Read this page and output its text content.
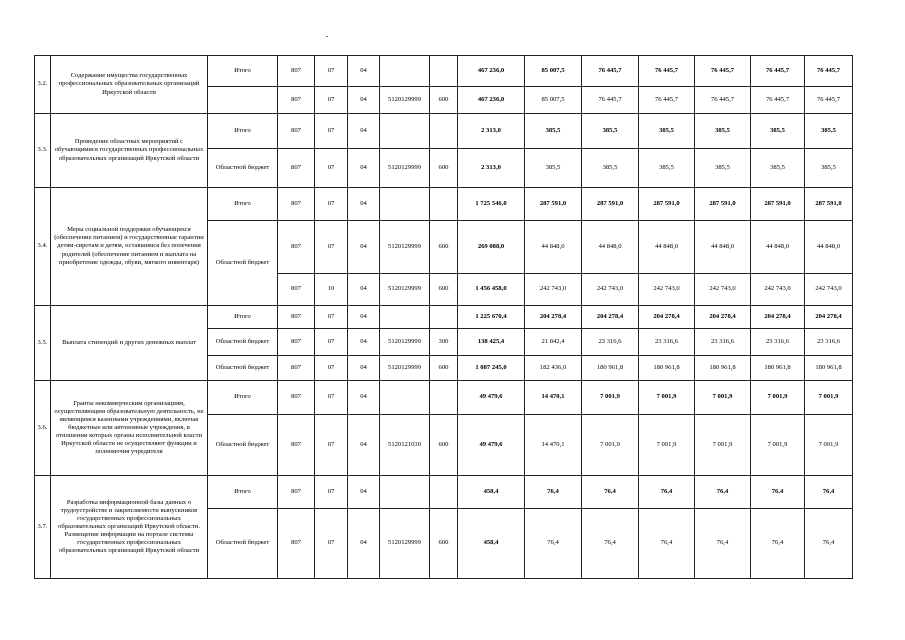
3.2.	Содержание имущества государственных профессиональных образовательных организаций Иркутской области	Итого	807	07	04			467 236,0	85 007,5	76 445,7	76 445,7	76 445,7	76 445,7	76 445,7
			807	07	04	5120129999	600	467 236,0	85 007,5	76 445,7	76 445,7	76 445,7	76 445,7	76 445,7
3.3.	Проведение областных мероприятий с обучающимися государственных профессиональных образовательных организаций Иркутской области	Итого	807	07	04			2 313,0	385,5	385,5	385,5	385,5	385,5	385,5
		Областной бюджет	807	07	04	5120129999	600	2 313,0	385,5	385,5	385,5	385,5	385,5	385,5
3.4.	Меры социальной поддержки обучающихся (обеспечение питанием) и государственные гарантии детям-сиротам и детям, оставшимся без попечения родителей (обеспечение питанием и выплата на приобретение одежды, обуви, мягкого инвентаря)	Итого	807	07	04			1 725 546,0	287 591,0	287 591,0	287 591,0	287 591,0	287 591,0	287 591,0
		Областной бюджет	807	07	04	5120129999	600	269 088,0	44 848,0	44 848,0	44 848,0	44 848,0	44 848,0	44 848,0
			807	10	04	5120129999	600	1 456 458,0	242 743,0	242 743,0	242 743,0	242 743,0	242 743,0	242 743,0
3.5.	Выплата стипендий и других денежных выплат	Итого	807	07	04			1 225 670,4	204 278,4	204 278,4	204 278,4	204 278,4	204 278,4	204 278,4
		Областной бюджет	807	07	04	5120129999	300	138 425,4	21 842,4	23 316,6	23 316,6	23 316,6	23 316,6	23 316,6
		Областной бюджет	807	07	04	5120129999	600	1 087 245,0	182 436,0	180 961,8	180 961,8	180 961,8	180 961,8	180 961,8
3.6.	Гранты некоммерческим организациям, осуществляющим образовательную деятельность, не являющимся казенными учреждениями, включая бюджетные или автономные учреждения, в отношении которых органы исполнительной власти Иркутской области не осуществляют функции и полномочия учредителя	Итого	807	07	04			49 479,6	14 470,1	7 001,9	7 001,9	7 001,9	7 001,9	7 001,9
		Областной бюджет	807	07	04	5120121030	600	49 479,6	14 470,1	7 001,9	7 001,9	7 001,9	7 001,9	7 001,9
3.7.	Разработка информационной базы данных о трудоустройстве и закрепляемости выпускников государственных профессиональных образовательных организаций Иркутской области. Размещение информации на портале системы государственных профессиональных образовательных организаций Иркутской области	Итого	807	07	04			458,4	76,4	76,4	76,4	76,4	76,4	76,4
		Областной бюджет	807	07	04	5120129999	600	458,4	76,4	76,4	76,4	76,4	76,4	76,4
